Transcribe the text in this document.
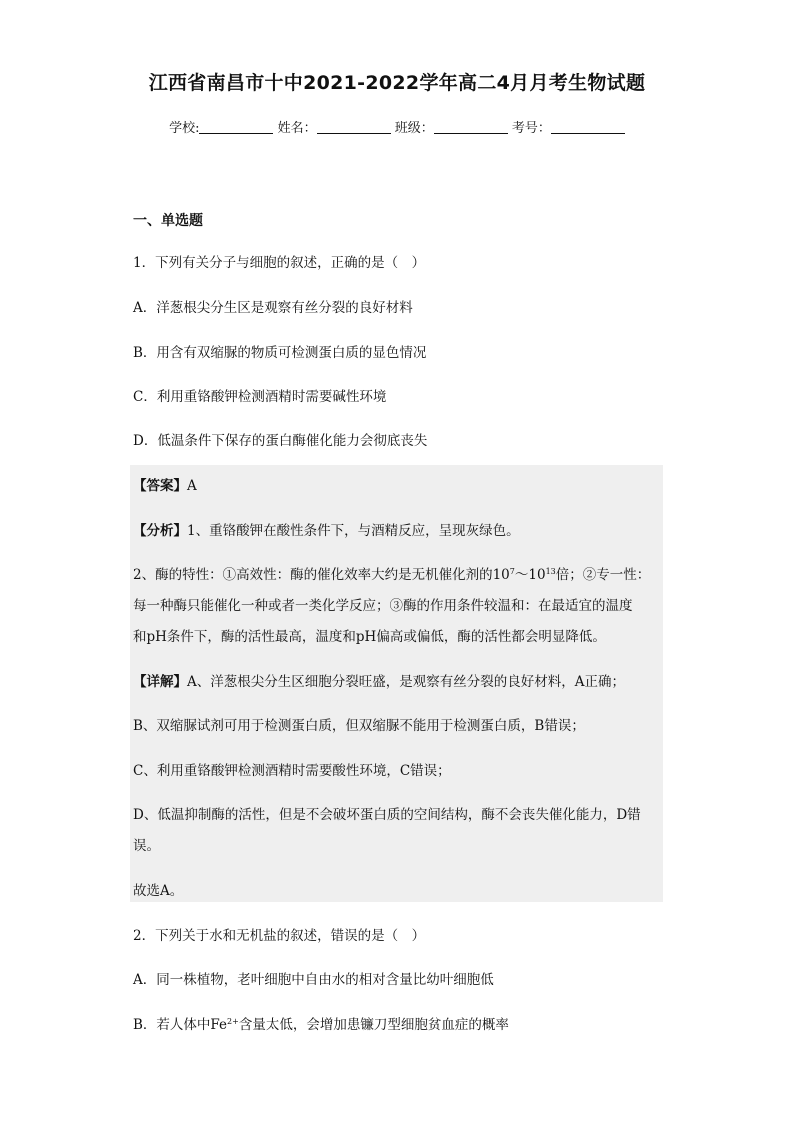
江西省南昌市十中2021-2022学年高二4月月考生物试题
学校:	姓名：	班级：	考号：
一、单选题
1．下列有关分子与细胞的叙述，正确的是（　）
A．洋葱根尖分生区是观察有丝分裂的良好材料
B．用含有双缩脲的物质可检测蛋白质的显色情况
C．利用重铬酸钾检测酒精时需要碱性环境
D．低温条件下保存的蛋白酶催化能力会彻底丧失
【答案】A
【分析】1、重铬酸钾在酸性条件下，与酒精反应，呈现灰绿色。
2、酶的特性：①高效性：酶的催化效率大约是无机催化剂的$10^7\sim 10^{13}$倍；②专一性：
每一种酶只能催化一种或者一类化学反应；③酶的作用条件较温和：在最适宜的温度
和pH条件下，酶的活性最高，温度和pH偏高或偏低，酶的活性都会明显降低。
【详解】A、洋葱根尖分生区细胞分裂旺盛，是观察有丝分裂的良好材料，A正确；
B、双缩脲试剂可用于检测蛋白质，但双缩脲不能用于检测蛋白质，B错误；
C、利用重铬酸钾检测酒精时需要酸性环境，C错误；
D、低温抑制酶的活性，但是不会破坏蛋白质的空间结构，酶不会丧失催化能力，D错
误。
故选A。
2．下列关于水和无机盐的叙述，错误的是（　）
A．同一株植物，老叶细胞中自由水的相对含量比幼叶细胞低
B．若人体中$Fe^{2+}$含量太低，会增加患镰刀型细胞贫血症的概率
